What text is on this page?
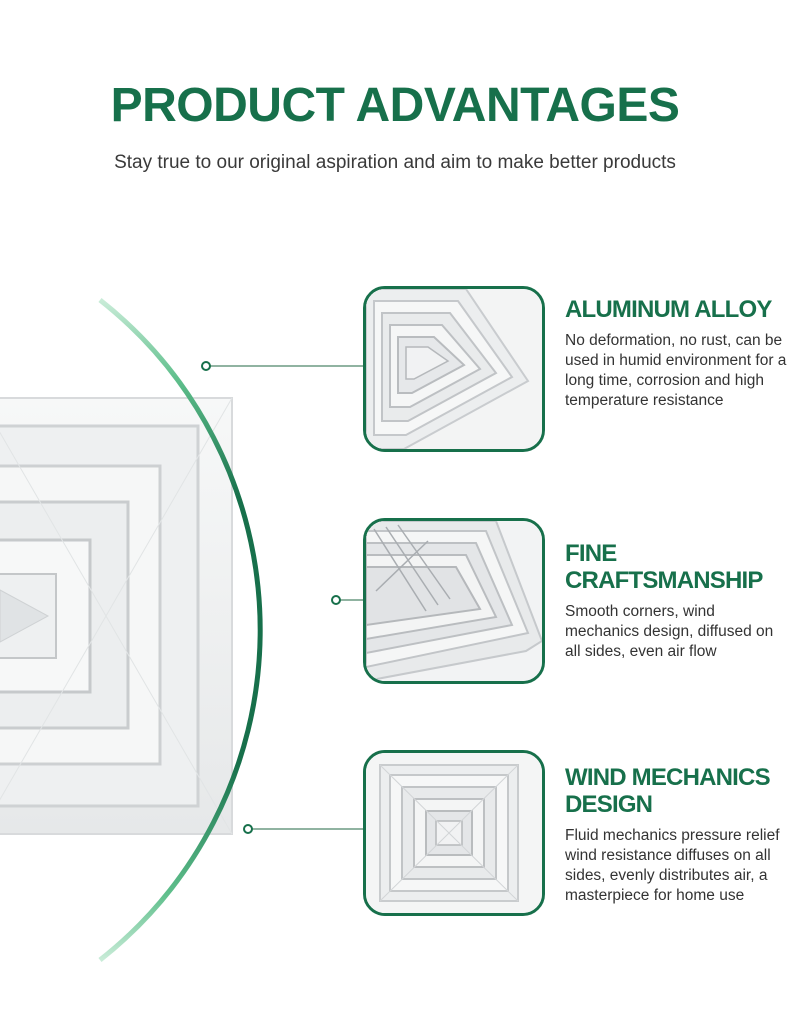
PRODUCT ADVANTAGES

Stay true to our original aspiration and aim to make better products

ALUMINUM ALLOY

No deformation, no rust, can be used in humid environment for a long time, corrosion and high temperature resistance

FINE CRAFTSMANSHIP

Smooth corners, wind mechanics design, diffused on all sides, even air flow

WIND MECHANICS DESIGN

Fluid mechanics pressure relief wind resistance diffuses on all sides, evenly distributes air, a masterpiece for home use
